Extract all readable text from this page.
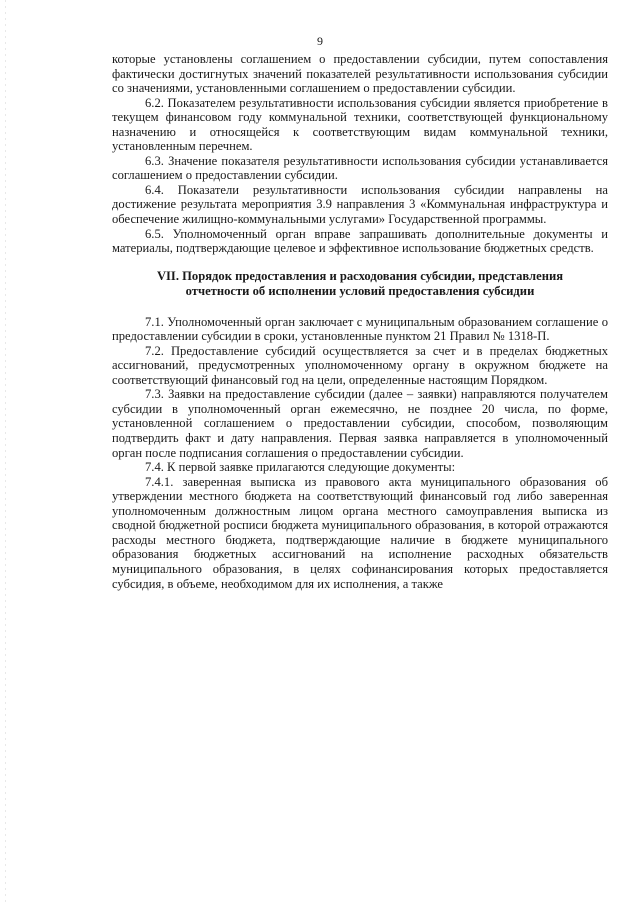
9

которые установлены соглашением о предоставлении субсидии, путем сопоставления фактически достигнутых значений показателей результативности использования субсидии со значениями, установленными соглашением о предоставлении субсидии.

6.2. Показателем результативности использования субсидии является приобретение в текущем финансовом году коммунальной техники, соответствующей функциональному назначению и относящейся к соответствующим видам коммунальной техники, установленным перечнем.

6.3. Значение показателя результативности использования субсидии устанавливается соглашением о предоставлении субсидии.

6.4. Показатели результативности использования субсидии направлены на достижение результата мероприятия 3.9 направления 3 «Коммунальная инфраструктура и обеспечение жилищно-коммунальными услугами» Государственной программы.

6.5. Уполномоченный орган вправе запрашивать дополнительные документы и материалы, подтверждающие целевое и эффективное использование бюджетных средств.

VII. Порядок предоставления и расходования субсидии, представления отчетности об исполнении условий предоставления субсидии

7.1. Уполномоченный орган заключает с муниципальным образованием соглашение о предоставлении субсидии в сроки, установленные пунктом 21 Правил № 1318-П.

7.2. Предоставление субсидий осуществляется за счет и в пределах бюджетных ассигнований, предусмотренных уполномоченному органу в окружном бюджете на соответствующий финансовый год на цели, определенные настоящим Порядком.

7.3. Заявки на предоставление субсидии (далее – заявки) направляются получателем субсидии в уполномоченный орган ежемесячно, не позднее 20 числа, по форме, установленной соглашением о предоставлении субсидии, способом, позволяющим подтвердить факт и дату направления. Первая заявка направляется в уполномоченный орган после подписания соглашения о предоставлении субсидии.

7.4. К первой заявке прилагаются следующие документы:

7.4.1. заверенная выписка из правового акта муниципального образования об утверждении местного бюджета на соответствующий финансовый год либо заверенная уполномоченным должностным лицом органа местного самоуправления выписка из сводной бюджетной росписи бюджета муниципального образования, в которой отражаются расходы местного бюджета, подтверждающие наличие в бюджете муниципального образования бюджетных ассигнований на исполнение расходных обязательств муниципального образования, в целях софинансирования которых предоставляется субсидия, в объеме, необходимом для их исполнения, а также
